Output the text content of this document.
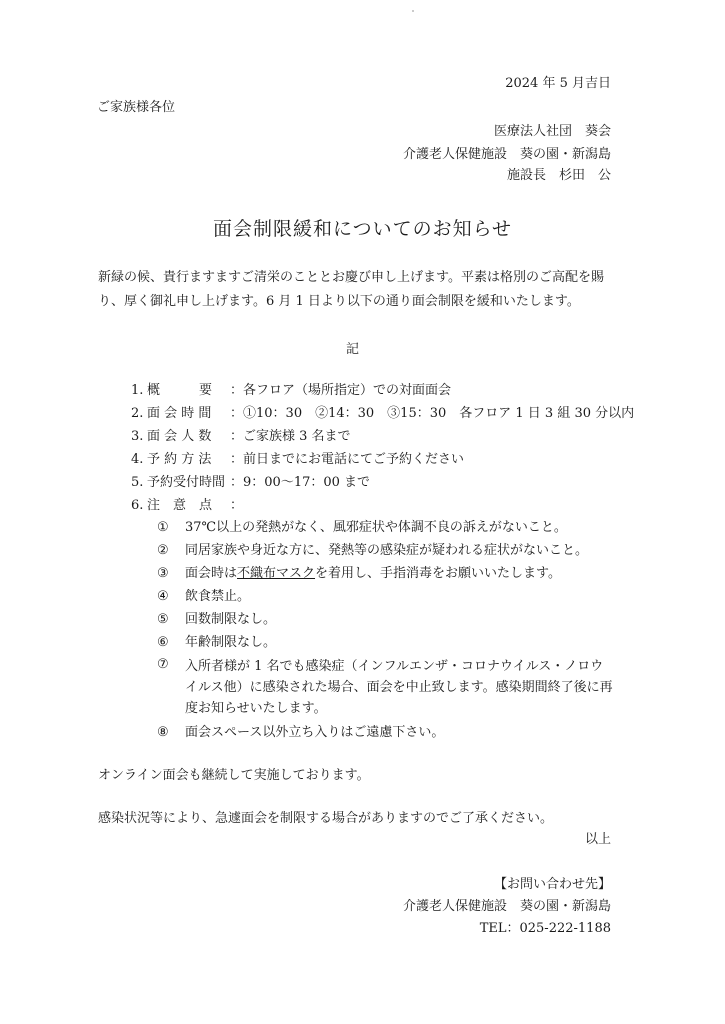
2024 年 5 月吉日
ご家族様各位
医療法人社団　葵会
介護老人保健施設　葵の園・新潟島
施設長　杉田　公
面会制限緩和についてのお知らせ
新緑の候、貴行ますますご清栄のこととお慶び申し上げます。平素は格別のご高配を賜り、厚く御礼申し上げます。6 月 1 日より以下の通り面会制限を緩和いたします。
記
1. 概　　　要 ：各フロア（場所指定）での対面面会
2. 面 会 時 間 ：①10：30　②14：30　③15：30　各フロア 1 日 3 組 30 分以内
3. 面 会 人 数 ：ご家族様 3 名まで
4. 予 約 方 法 ：前日までにお電話にてご予約ください
5. 予約受付時間 ：9：00～17：00 まで
6. 注　意　点 ：
① 37℃以上の発熱がなく、風邪症状や体調不良の訴えがないこと。
② 同居家族や身近な方に、発熱等の感染症が疑われる症状がないこと。
③ 面会時は不織布マスクを着用し、手指消毒をお願いいたします。
④ 飲食禁止。
⑤ 回数制限なし。
⑥ 年齢制限なし。
⑦ 入所者様が 1 名でも感染症（インフルエンザ・コロナウイルス・ノロウイルス他）に感染された場合、面会を中止致します。感染期間終了後に再度お知らせいたします。
⑧ 面会スペース以外立ち入りはご遠慮下さい。
オンライン面会も継続して実施しております。
感染状況等により、急遽面会を制限する場合がありますのでご了承ください。
以上
【お問い合わせ先】
介護老人保健施設　葵の園・新潟島
TEL：025-222-1188
